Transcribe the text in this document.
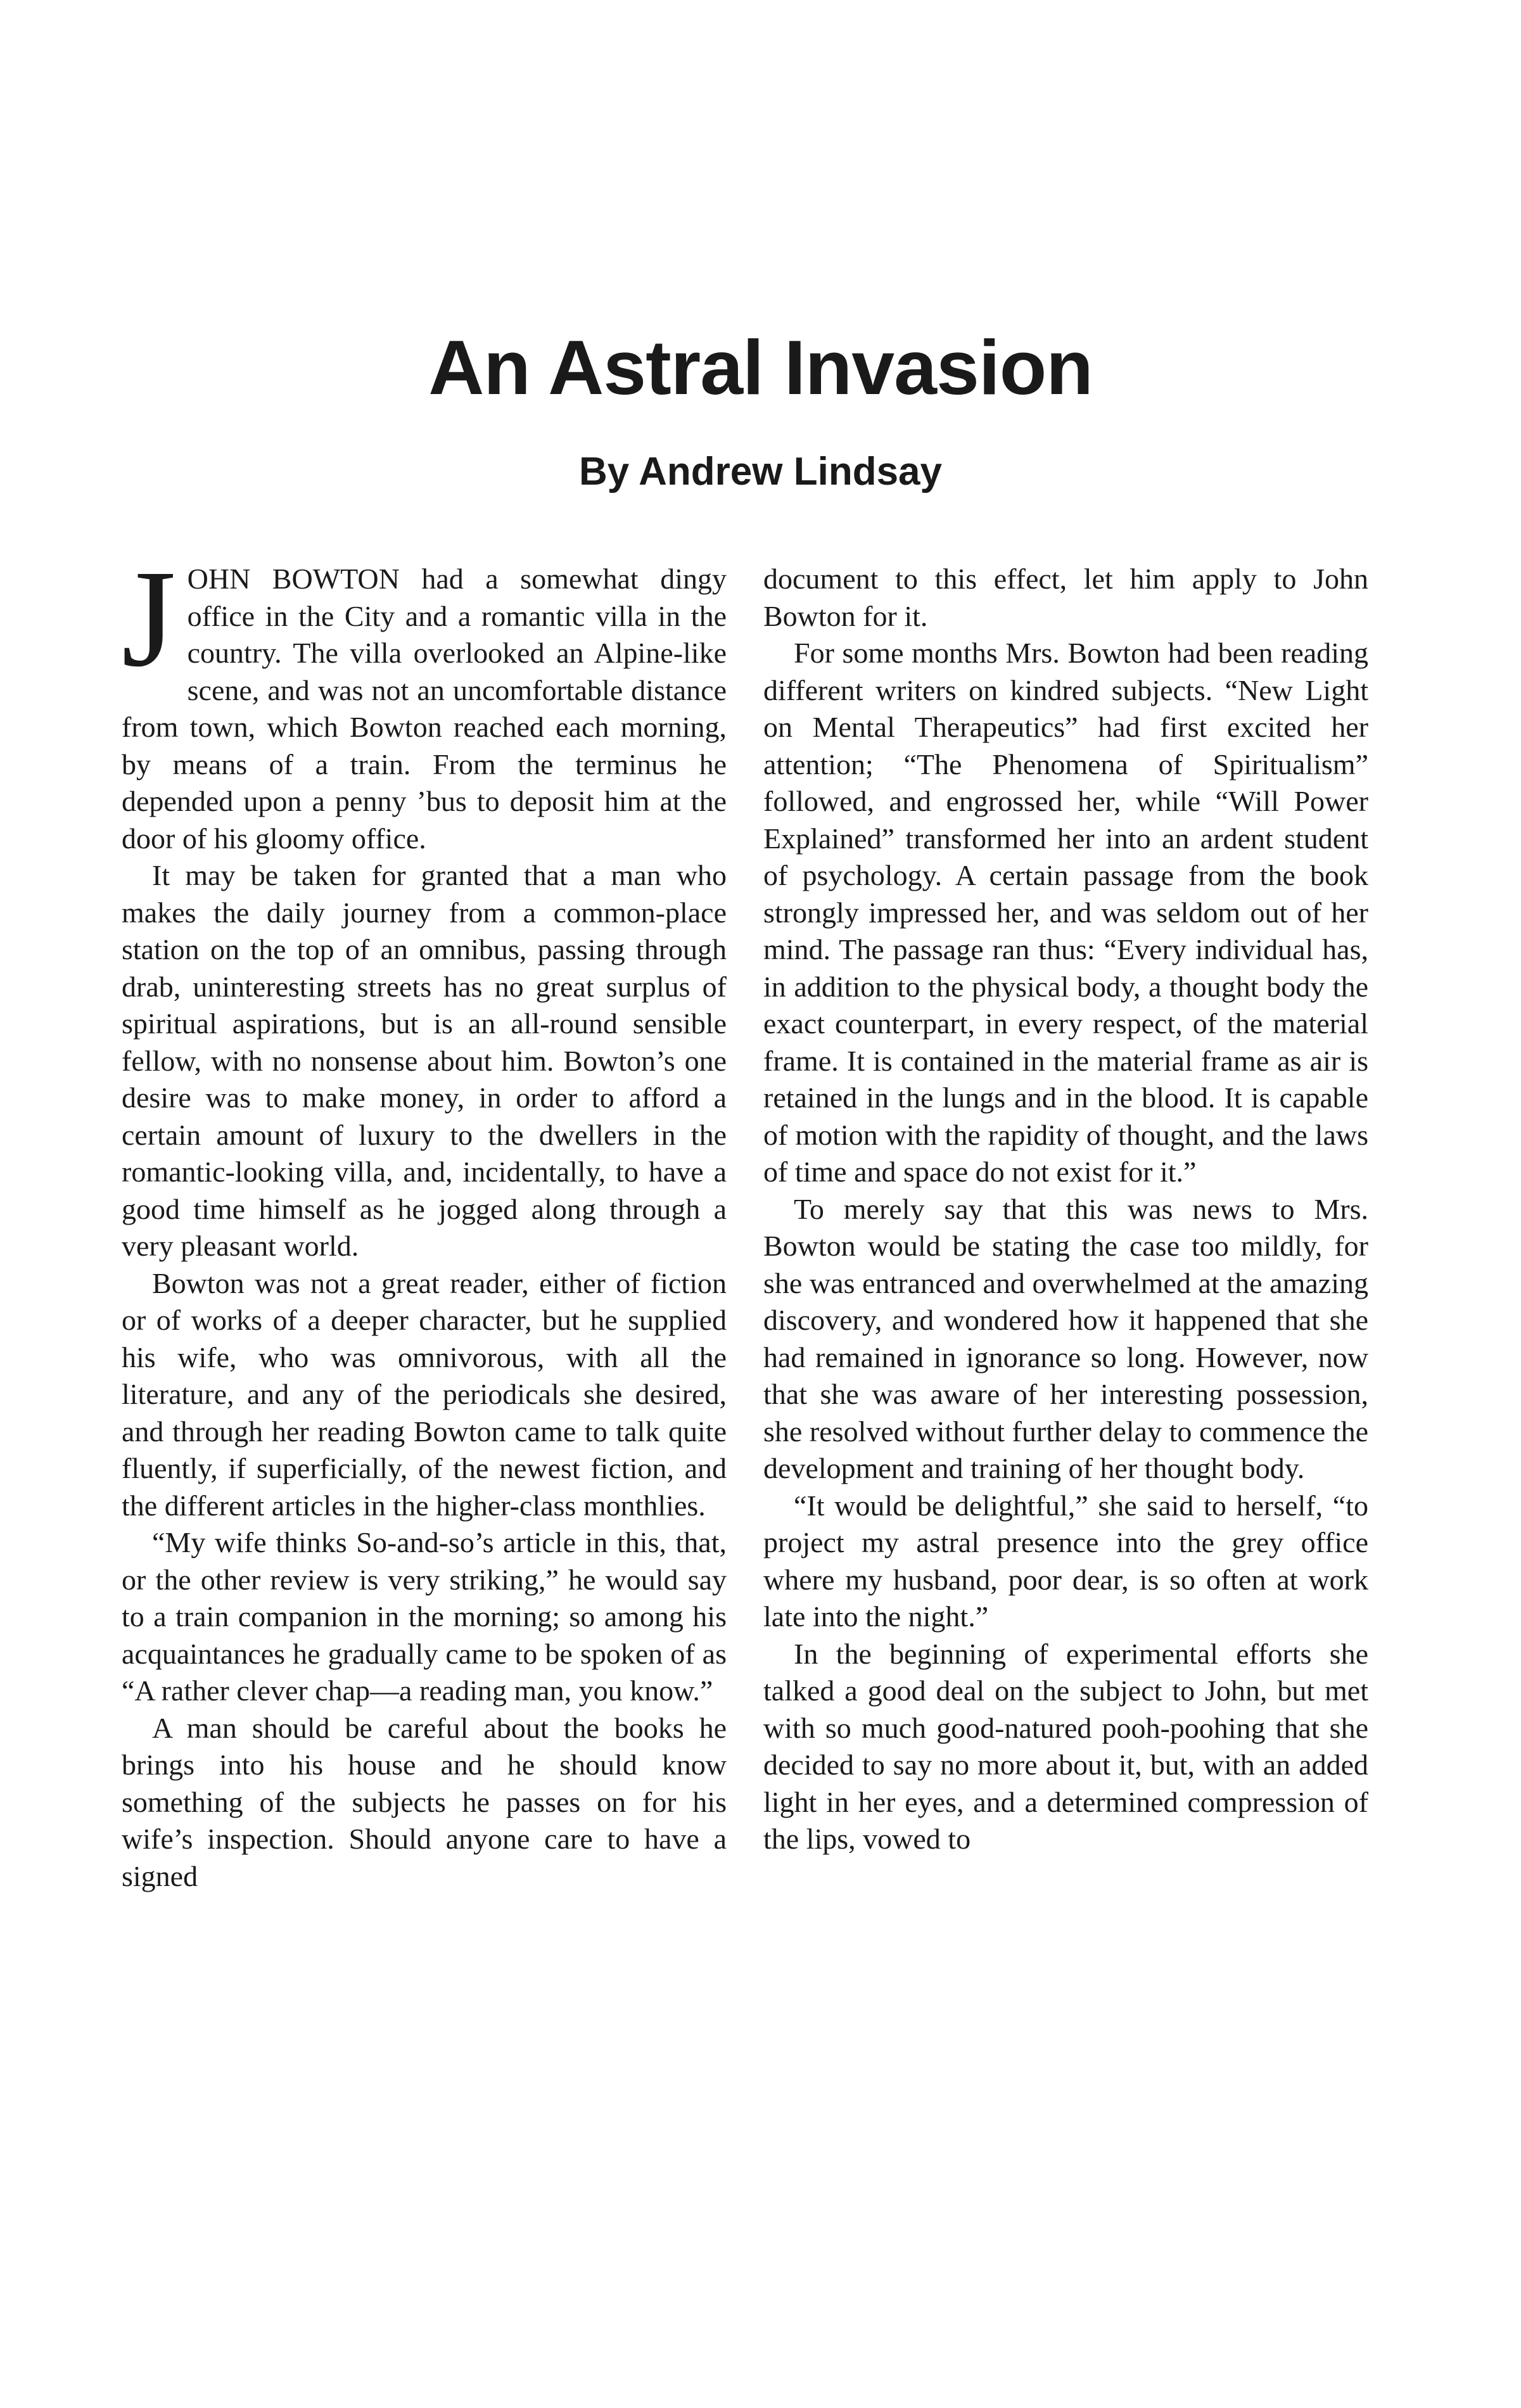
An Astral Invasion
By Andrew Lindsay

JOHN BOWTON had a somewhat dingy office in the City and a romantic villa in the country. The villa overlooked an Alpine-like scene, and was not an uncomfortable distance from town, which Bowton reached each morning, by means of a train. From the terminus he depended upon a penny ’bus to deposit him at the door of his gloomy office.

It may be taken for granted that a man who makes the daily journey from a common-place station on the top of an omnibus, passing through drab, uninteresting streets has no great surplus of spiritual aspirations, but is an all-round sensible fellow, with no nonsense about him. Bowton’s one desire was to make money, in order to afford a certain amount of luxury to the dwellers in the romantic-looking villa, and, incidentally, to have a good time himself as he jogged along through a very pleasant world.

Bowton was not a great reader, either of fiction or of works of a deeper character, but he supplied his wife, who was omnivorous, with all the literature, and any of the periodicals she desired, and through her reading Bowton came to talk quite fluently, if superficially, of the newest fiction, and the different articles in the higher-class monthlies.

“My wife thinks So-and-so’s article in this, that, or the other review is very striking,” he would say to a train companion in the morning; so among his acquaintances he gradually came to be spoken of as “A rather clever chap—a reading man, you know.”

A man should be careful about the books he brings into his house and he should know something of the subjects he passes on for his wife’s inspection. Should anyone care to have a signed

document to this effect, let him apply to John Bowton for it.

For some months Mrs. Bowton had been reading different writers on kindred subjects. “New Light on Mental Therapeutics” had first excited her attention; “The Phenomena of Spiritualism” followed, and engrossed her, while “Will Power Explained” transformed her into an ardent student of psychology. A certain passage from the book strongly impressed her, and was seldom out of her mind. The passage ran thus: “Every individual has, in addition to the physical body, a thought body the exact counterpart, in every respect, of the material frame. It is contained in the material frame as air is retained in the lungs and in the blood. It is capable of motion with the rapidity of thought, and the laws of time and space do not exist for it.”

To merely say that this was news to Mrs. Bowton would be stating the case too mildly, for she was entranced and overwhelmed at the amazing discovery, and wondered how it happened that she had remained in ignorance so long. However, now that she was aware of her interesting possession, she resolved without further delay to commence the development and training of her thought body.

“It would be delightful,” she said to herself, “to project my astral presence into the grey office where my husband, poor dear, is so often at work late into the night.”

In the beginning of experimental efforts she talked a good deal on the subject to John, but met with so much good-natured pooh-poohing that she decided to say no more about it, but, with an added light in her eyes, and a determined compression of the lips, vowed to
